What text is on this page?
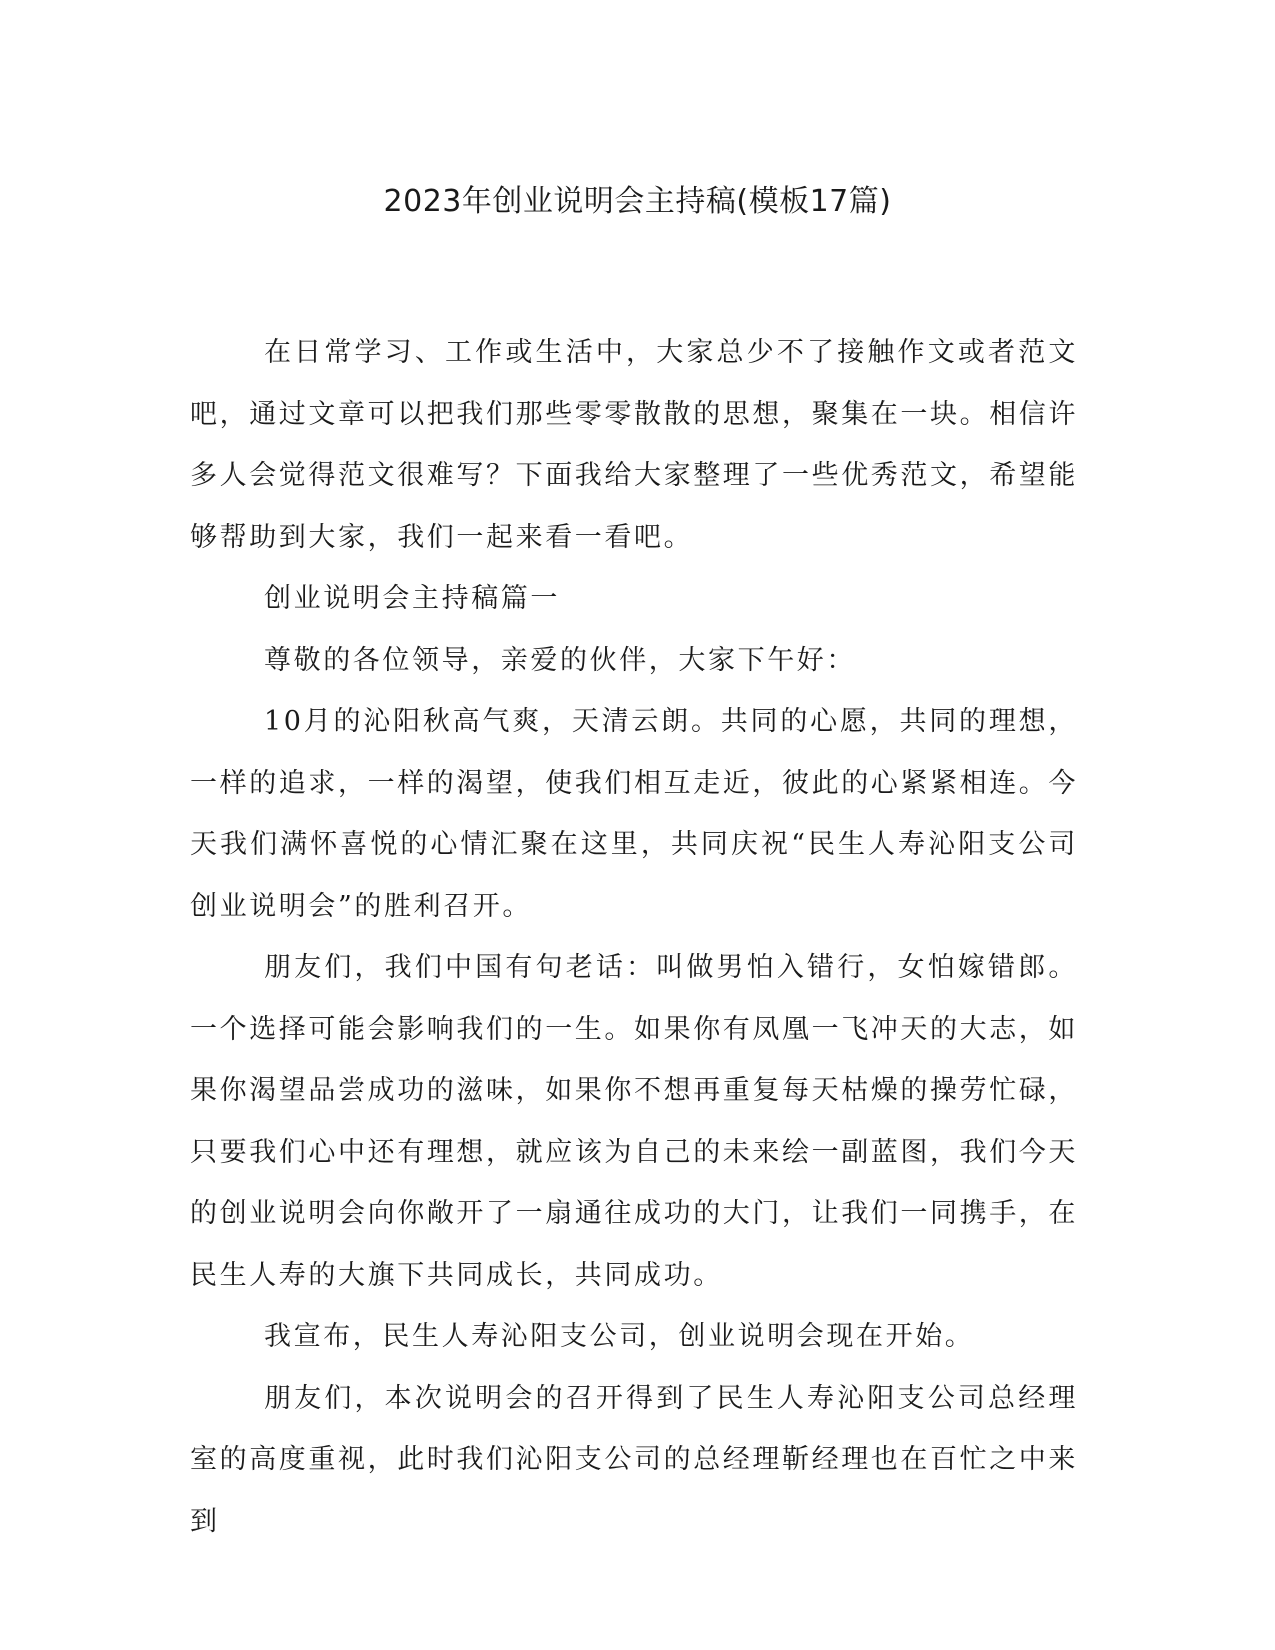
2023年创业说明会主持稿(模板17篇)

在日常学习、工作或生活中，大家总少不了接触作文或者范文吧，通过文章可以把我们那些零零散散的思想，聚集在一块。相信许多人会觉得范文很难写？下面我给大家整理了一些优秀范文，希望能够帮助到大家，我们一起来看一看吧。

创业说明会主持稿篇一

尊敬的各位领导，亲爱的伙伴，大家下午好：

10月的沁阳秋高气爽，天清云朗。共同的心愿，共同的理想，一样的追求，一样的渴望，使我们相互走近，彼此的心紧紧相连。今天我们满怀喜悦的心情汇聚在这里，共同庆祝“民生人寿沁阳支公司创业说明会”的胜利召开。

朋友们，我们中国有句老话：叫做男怕入错行，女怕嫁错郎。一个选择可能会影响我们的一生。如果你有凤凰一飞冲天的大志，如果你渴望品尝成功的滋味，如果你不想再重复每天枯燥的操劳忙碌，只要我们心中还有理想，就应该为自己的未来绘一副蓝图，我们今天的创业说明会向你敞开了一扇通往成功的大门，让我们一同携手，在民生人寿的大旗下共同成长，共同成功。

我宣布，民生人寿沁阳支公司，创业说明会现在开始。

朋友们，本次说明会的召开得到了民生人寿沁阳支公司总经理室的高度重视，此时我们沁阳支公司的总经理靳经理也在百忙之中来到
